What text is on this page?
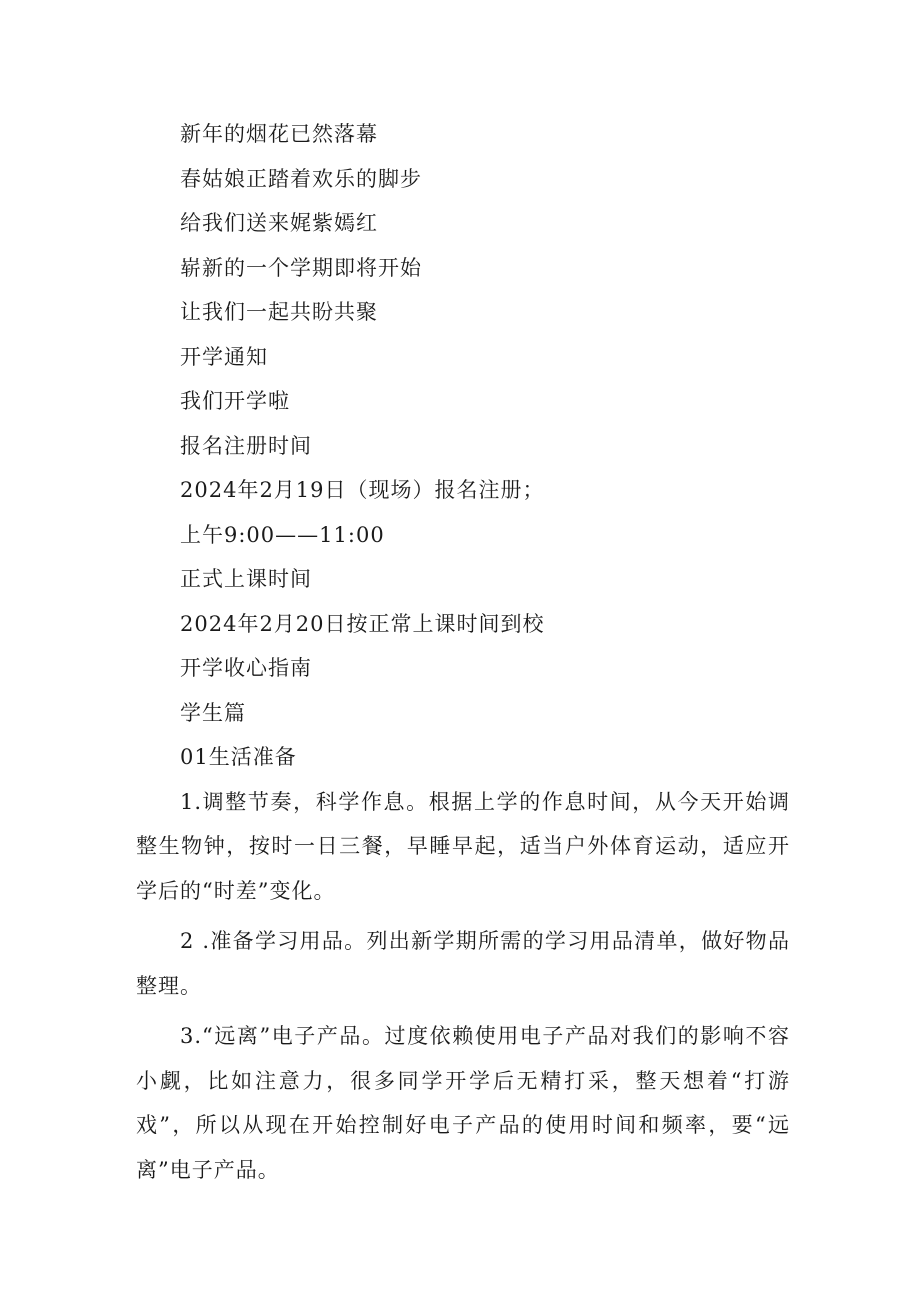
新年的烟花已然落幕
春姑娘正踏着欢乐的脚步
给我们送来娓紫嫣红
崭新的一个学期即将开始
让我们一起共盼共聚
开学通知
我们开学啦
报名注册时间
2024年2月19日（现场）报名注册；
上午9:00——11:00
正式上课时间
2024年2月20日按正常上课时间到校
开学收心指南
学生篇
01生活准备

1.调整节奏，科学作息。根据上学的作息时间，从今天开始调整生物钟，按时一日三餐，早睡早起，适当户外体育运动，适应开学后的“时差”变化。

2 .准备学习用品。列出新学期所需的学习用品清单，做好物品整理。

3.“远离”电子产品。过度依赖使用电子产品对我们的影响不容小觑，比如注意力，很多同学开学后无精打采，整天想着“打游戏”，所以从现在开始控制好电子产品的使用时间和频率，要“远离”电子产品。
